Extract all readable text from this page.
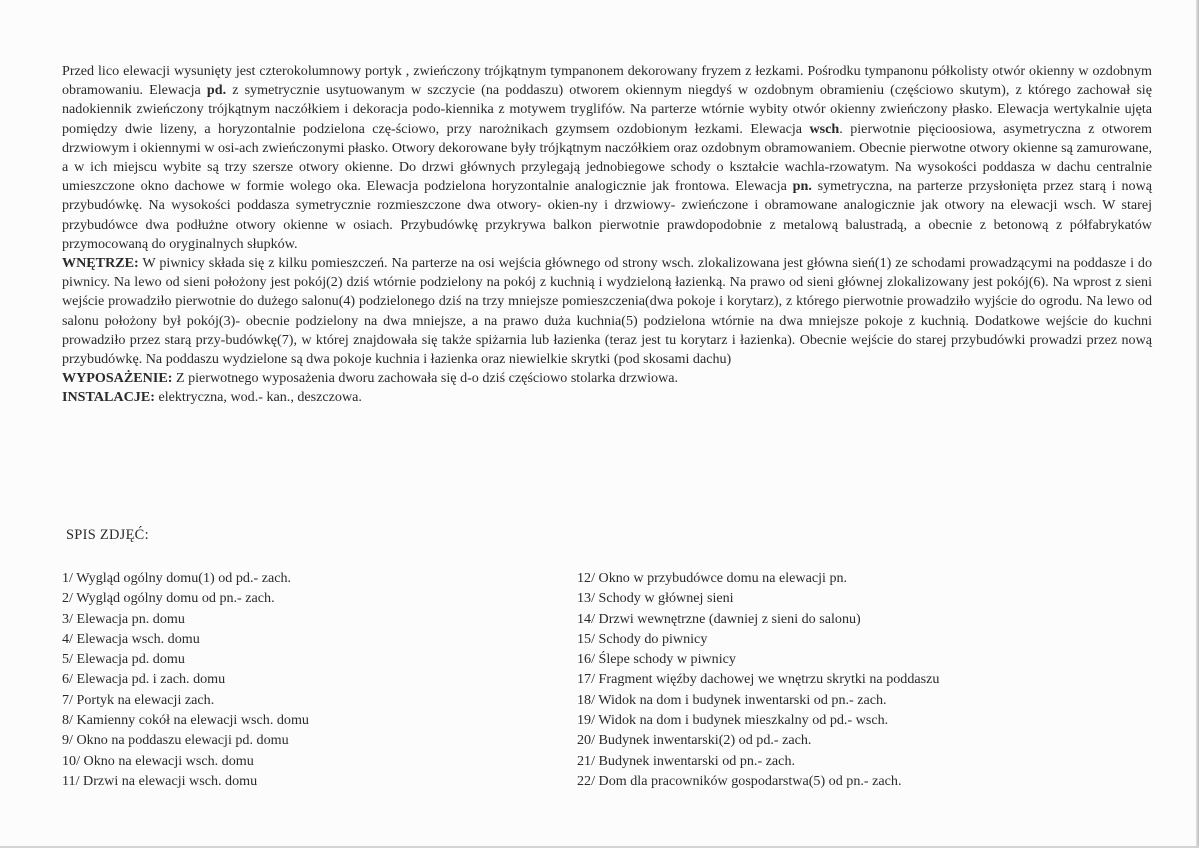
Przed lico elewacji wysunięty jest czterokolumnowy portyk , zwieńczony trójkątnym tympanonem dekorowany fryzem z łezkami. Pośrodku tympanonu półkolisty otwór okienny w ozdobnym obramowaniu. Elewacja pd. z symetrycznie usytuowanym w szczycie (na poddaszu) otworem okiennym niegdyś w ozdobnym obramieniu (częściowo skutym), z którego zachował się nadokiennik zwieńczony trójkątnym naczółkiem i dekoracja podo-kiennika z motywem tryglifów. Na parterze wtórnie wybity otwór okienny zwieńczony płasko. Elewacja wertykalnie ujęta pomiędzy dwie lizeny, a horyzontalnie podzielona czę-ściowo, przy narożnikach gzymsem ozdobionym łezkami. Elewacja wsch. pierwotnie pięcioosiowa, asymetryczna z otworem drzwiowym i okiennymi w osi-ach zwieńczonymi płasko. Otwory dekorowane były trójkątnym naczółkiem oraz ozdobnym obramowaniem. Obecnie pierwotne otwory okienne są zamurowane, a w ich miejscu wybite są trzy szersze otwory okienne. Do drzwi głównych przylegają jednobiegowe schody o kształcie wachla-rzowatym. Na wysokości poddasza w dachu centralnie umieszczone okno dachowe w formie wolego oka. Elewacja podzielona horyzontalnie analogicznie jak frontowa. Elewacja pn. symetryczna, na parterze przysłonięta przez starą i nową przybudówkę. Na wysokości poddasza symetrycznie rozmieszczone dwa otwory- okien-ny i drzwiowy- zwieńczone i obramowane analogicznie jak otwory na elewacji wsch. W starej przybudówce dwa podłużne otwory okienne w osiach. Przybudówkę przykrywa balkon pierwotnie prawdopodobnie z metalową balustradą, a obecnie z betonową z półfabrykatów przymocowaną do oryginalnych słupków.
WNĘTRZE: W piwnicy składa się z kilku pomieszczeń. Na parterze na osi wejścia głównego od strony wsch. zlokalizowana jest główna sień(1) ze schodami prowadzącymi na poddasze i do piwnicy. Na lewo od sieni położony jest pokój(2) dziś wtórnie podzielony na pokój z kuchnią i wydzieloną łazienką. Na prawo od sieni głównej zlokalizowany jest pokój(6). Na wprost z sieni wejście prowadziło pierwotnie do dużego salonu(4) podzielonego dziś na trzy mniejsze pomieszczenia(dwa pokoje i korytarz), z którego pierwotnie prowadziło wyjście do ogrodu. Na lewo od salonu położony był pokój(3)- obecnie podzielony na dwa mniejsze, a na prawo duża kuchnia(5) podzielona wtórnie na dwa mniejsze pokoje z kuchnią. Dodatkowe wejście do kuchni prowadziło przez starą przy-budówkę(7), w której znajdowała się także spiżarnia lub łazienka (teraz jest tu korytarz i łazienka). Obecnie wejście do starej przybudówki prowadzi przez nową przybudówkę. Na poddaszu wydzielone są dwa pokoje kuchnia i łazienka oraz niewielkie skrytki (pod skosami dachu)
WYPOSAŻENIE: Z pierwotnego wyposażenia dworu zachowała się d-o dziś częściowo stolarka drzwiowa.
INSTALACJE: elektryczna, wod.- kan., deszczowa.

SPIS ZDJĘĆ:
1/ Wygląd ogólny domu(1) od pd.- zach.
2/ Wygląd ogólny domu od pn.- zach.
3/ Elewacja pn. domu
4/ Elewacja wsch. domu
5/ Elewacja pd. domu
6/ Elewacja pd. i zach. domu
7/ Portyk na elewacji zach.
8/ Kamienny cokół na elewacji wsch. domu
9/ Okno na poddaszu elewacji pd. domu
10/ Okno na elewacji wsch. domu
11/ Drzwi na elewacji wsch. domu
12/ Okno w przybudówce domu na elewacji pn.
13/ Schody w głównej sieni
14/ Drzwi wewnętrzne (dawniej z sieni do salonu)
15/ Schody do piwnicy
16/ Ślepe schody w piwnicy
17/ Fragment więźby dachowej we wnętrzu skrytki na poddaszu
18/ Widok na dom i budynek inwentarski od pn.- zach.
19/ Widok na dom i budynek mieszkalny od pd.- wsch.
20/ Budynek inwentarski(2) od pd.- zach.
21/ Budynek inwentarski od pn.- zach.
22/ Dom dla pracowników gospodarstwa(5) od pn.- zach.
